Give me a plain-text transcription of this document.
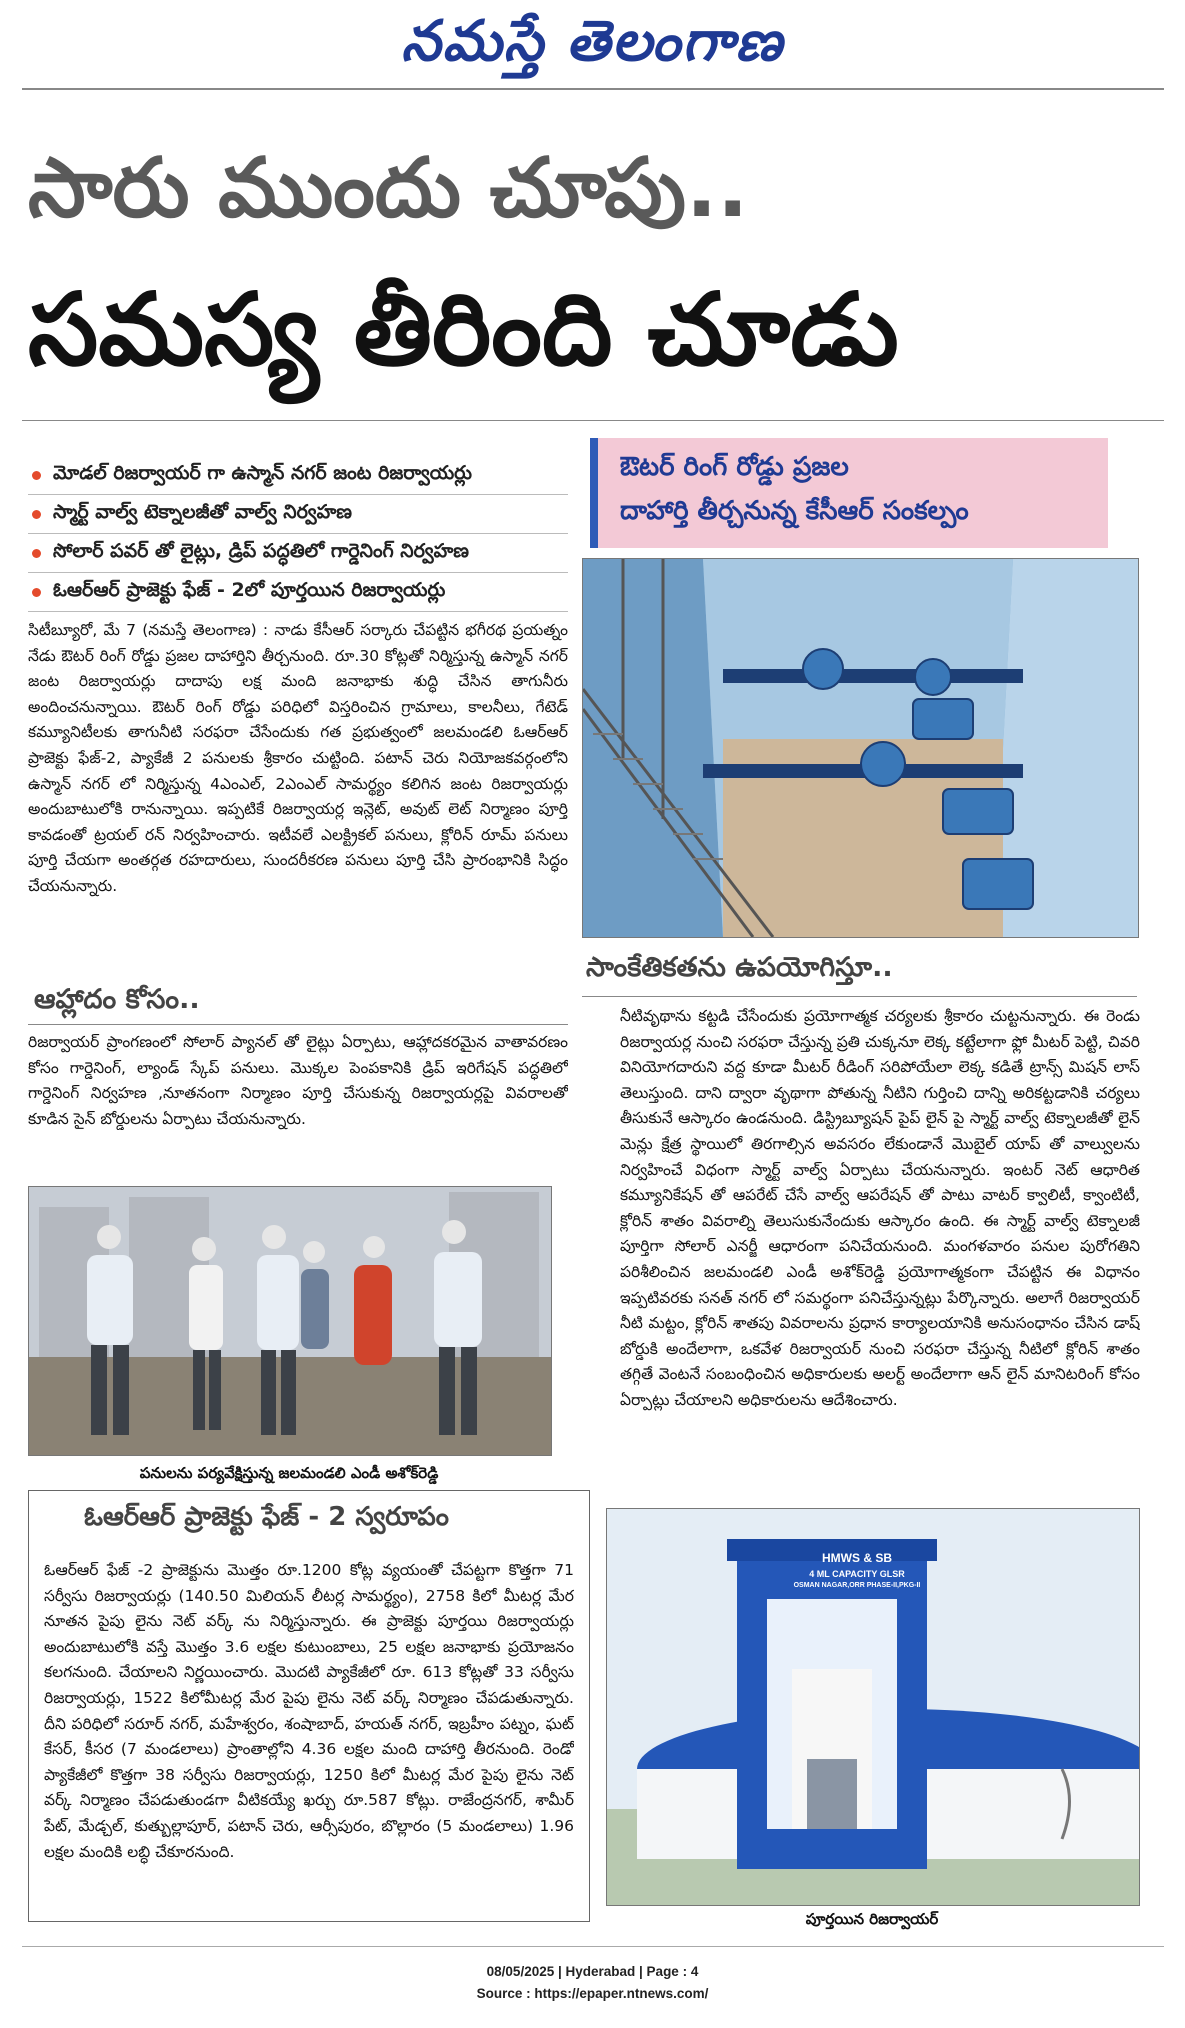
నమస్తే తెలంగాణ
సారు ముందు చూపు..
సమస్య తీరింది చూడు
మోడల్ రిజర్వాయర్ గా ఉస్మాన్ నగర్ జంట రిజర్వాయర్లు
స్మార్ట్ వాల్వ్ టెక్నాలజీతో వాల్వ్ నిర్వహణ
సోలార్ పవర్ తో లైట్లు, డ్రిప్ పద్ధతిలో గార్డెనింగ్ నిర్వహణ
ఓఆర్ఆర్ ప్రాజెక్టు ఫేజ్ - 2లో పూర్తయిన రిజర్వాయర్లు
ఔటర్ రింగ్ రోడ్డు ప్రజల
దాహార్తి తీర్చనున్న కేసీఆర్ సంకల్పం
సిటీబ్యూరో, మే 7 (నమస్తే తెలంగాణ) : నాడు కేసీఆర్ సర్కారు చేపట్టిన భగీరథ ప్రయత్నం నేడు ఔటర్ రింగ్ రోడ్డు ప్రజల దాహార్తిని తీర్చనుంది. రూ.30 కోట్లతో నిర్మిస్తున్న ఉస్మాన్ నగర్ జంట రిజర్వాయర్లు దాదాపు లక్ష మంది జనాభాకు శుద్ధి చేసిన తాగునీరు అందించనున్నాయి. ఔటర్ రింగ్ రోడ్డు పరిధిలో విస్తరించిన గ్రామాలు, కాలనీలు, గేటెడ్ కమ్యూనిటీలకు తాగునీటి సరఫరా చేసేందుకు గత ప్రభుత్వంలో జలమండలి ఓఆర్ఆర్ ప్రాజెక్టు ఫేజ్-2, ప్యాకేజీ 2 పనులకు శ్రీకారం చుట్టింది. పటాన్ చెరు నియోజకవర్గంలోని ఉస్మాన్ నగర్ లో నిర్మిస్తున్న 4ఎంఎల్, 2ఎంఎల్ సామర్థ్యం కలిగిన జంట రిజర్వాయర్లు అందుబాటులోకి రానున్నాయి. ఇప్పటికే రిజర్వాయర్ల ఇన్లెట్, అవుట్ లెట్ నిర్మాణం పూర్తి కావడంతో ట్రయల్ రన్ నిర్వహించారు. ఇటీవలే ఎలక్ట్రికల్ పనులు, క్లోరిన్ రూమ్ పనులు పూర్తి చేయగా అంతర్గత రహదారులు, సుందరీకరణ పనులు పూర్తి చేసి ప్రారంభానికి సిద్ధం చేయనున్నారు.
ఆహ్లాదం కోసం..
రిజర్వాయర్ ప్రాంగణంలో సోలార్ ప్యానల్ తో లైట్లు ఏర్పాటు, ఆహ్లాదకరమైన వాతావరణం కోసం గార్డెనింగ్, ల్యాండ్ స్కేప్ పనులు. మొక్కల పెంపకానికి డ్రిప్ ఇరిగేషన్ పద్ధతిలో గార్డెనింగ్ నిర్వహణ ,నూతనంగా నిర్మాణం పూర్తి చేసుకున్న రిజర్వాయర్లపై వివరాలతో కూడిన సైన్ బోర్డులను ఏర్పాటు చేయనున్నారు.
సాంకేతికతను ఉపయోగిస్తూ..
నీటివృథాను కట్టడి చేసేందుకు ప్రయోగాత్మక చర్యలకు శ్రీకారం చుట్టనున్నారు. ఈ రెండు రిజర్వాయర్ల నుంచి సరఫరా చేస్తున్న ప్రతి చుక్కనూ లెక్క కట్టేలాగా ఫ్లో మీటర్ పెట్టి, చివరి వినియోగదారుని వద్ద కూడా మీటర్ రీడింగ్ సరిపోయేలా లెక్క కడితే ట్రాన్స్ మిషన్ లాస్ తెలుస్తుంది. దాని ద్వారా వృథాగా పోతున్న నీటిని గుర్తించి దాన్ని అరికట్టడానికి చర్యలు తీసుకునే ఆస్కారం ఉండనుంది. డిస్ట్రిబ్యూషన్ పైప్ లైన్ పై స్మార్ట్ వాల్వ్ టెక్నాలజీతో లైన్ మెన్లు క్షేత్ర స్థాయిలో తిరగాల్సిన అవసరం లేకుండానే మొబైల్ యాప్ తో వాల్వులను నిర్వహించే విధంగా స్మార్ట్ వాల్వ్ ఏర్పాటు చేయనున్నారు. ఇంటర్ నెట్ ఆధారిత కమ్యూనికేషన్ తో ఆపరేట్ చేసే వాల్వ్ ఆపరేషన్ తో పాటు వాటర్ క్వాలిటీ, క్వాంటిటీ, క్లోరిన్ శాతం వివరాల్ని తెలుసుకునేందుకు ఆస్కారం ఉంది. ఈ స్మార్ట్ వాల్వ్ టెక్నాలజీ పూర్తిగా సోలార్ ఎనర్జీ ఆధారంగా పనిచేయనుంది. మంగళవారం పనుల పురోగతిని పరిశీలించిన జలమండలి ఎండీ అశోక్‌రెడ్డి ప్రయోగాత్మకంగా చేపట్టిన ఈ విధానం ఇప్పటివరకు సనత్ నగర్ లో సమర్థంగా పనిచేస్తున్నట్లు పేర్కొన్నారు. అలాగే రిజర్వాయర్ నీటి మట్టం, క్లోరిన్ శాతపు వివరాలను ప్రధాన కార్యాలయానికి అనుసంధానం చేసిన డాష్ బోర్డుకి అందేలాగా, ఒకవేళ రిజర్వాయర్ నుంచి సరఫరా చేస్తున్న నీటిలో క్లోరిన్ శాతం తగ్గితే వెంటనే సంబంధించిన అధికారులకు అలర్ట్ అందేలాగా ఆన్ లైన్ మానిటరింగ్ కోసం ఏర్పాట్లు చేయాలని అధికారులను ఆదేశించారు.
పనులను పర్యవేక్షిస్తున్న జలమండలి ఎండీ అశోక్‌రెడ్డి
ఓఆర్ఆర్ ప్రాజెక్టు ఫేజ్ - 2 స్వరూపం
ఓఆర్ఆర్ ఫేజ్ -2 ప్రాజెక్టును మొత్తం రూ.1200 కోట్ల వ్యయంతో చేపట్టగా కొత్తగా 71 సర్వీసు రిజర్వాయర్లు (140.50 మిలియన్ లీటర్ల సామర్థ్యం), 2758 కిలో మీటర్ల మేర నూతన పైపు లైను నెట్ వర్క్ ను నిర్మిస్తున్నారు. ఈ ప్రాజెక్టు పూర్తయి రిజర్వాయర్లు అందుబాటులోకి వస్తే మొత్తం 3.6 లక్షల కుటుంబాలు, 25 లక్షల జనాభాకు ప్రయోజనం కలగనుంది. చేయాలని నిర్ణయించారు. మొదటి ప్యాకేజీలో రూ. 613 కోట్లతో 33 సర్వీసు రిజర్వాయర్లు, 1522 కిలోమీటర్ల మేర పైపు లైను నెట్ వర్క్ నిర్మాణం చేపడుతున్నారు. దీని పరిధిలో సరూర్ నగర్, మహేశ్వరం, శంషాబాద్, హయత్ నగర్, ఇబ్రహీం పట్నం, ఘట్ కేసర్, కీసర (7 మండలాలు) ప్రాంతాల్లోని 4.36 లక్షల మంది దాహార్తి తీరనుంది. రెండో ప్యాకేజీలో కొత్తగా 38 సర్వీసు రిజర్వాయర్లు, 1250 కిలో మీటర్ల మేర పైపు లైను నెట్ వర్క్ నిర్మాణం చేపడుతుండగా వీటికయ్యే ఖర్చు రూ.587 కోట్లు. రాజేంద్రనగర్, శామీర్ పేట్, మేడ్చల్, కుత్బుల్లాపూర్, పటాన్ చెరు, ఆర్సీపురం, బొల్లారం (5 మండలాలు) 1.96 లక్షల మందికి లబ్ధి చేకూరనుంది.
HMWS & SB
4 ML CAPACITY GLSR
OSMAN NAGAR,ORR PHASE-II,PKG-II
పూర్తయిన రిజర్వాయర్
08/05/2025 | Hyderabad | Page : 4
Source : https://epaper.ntnews.com/
